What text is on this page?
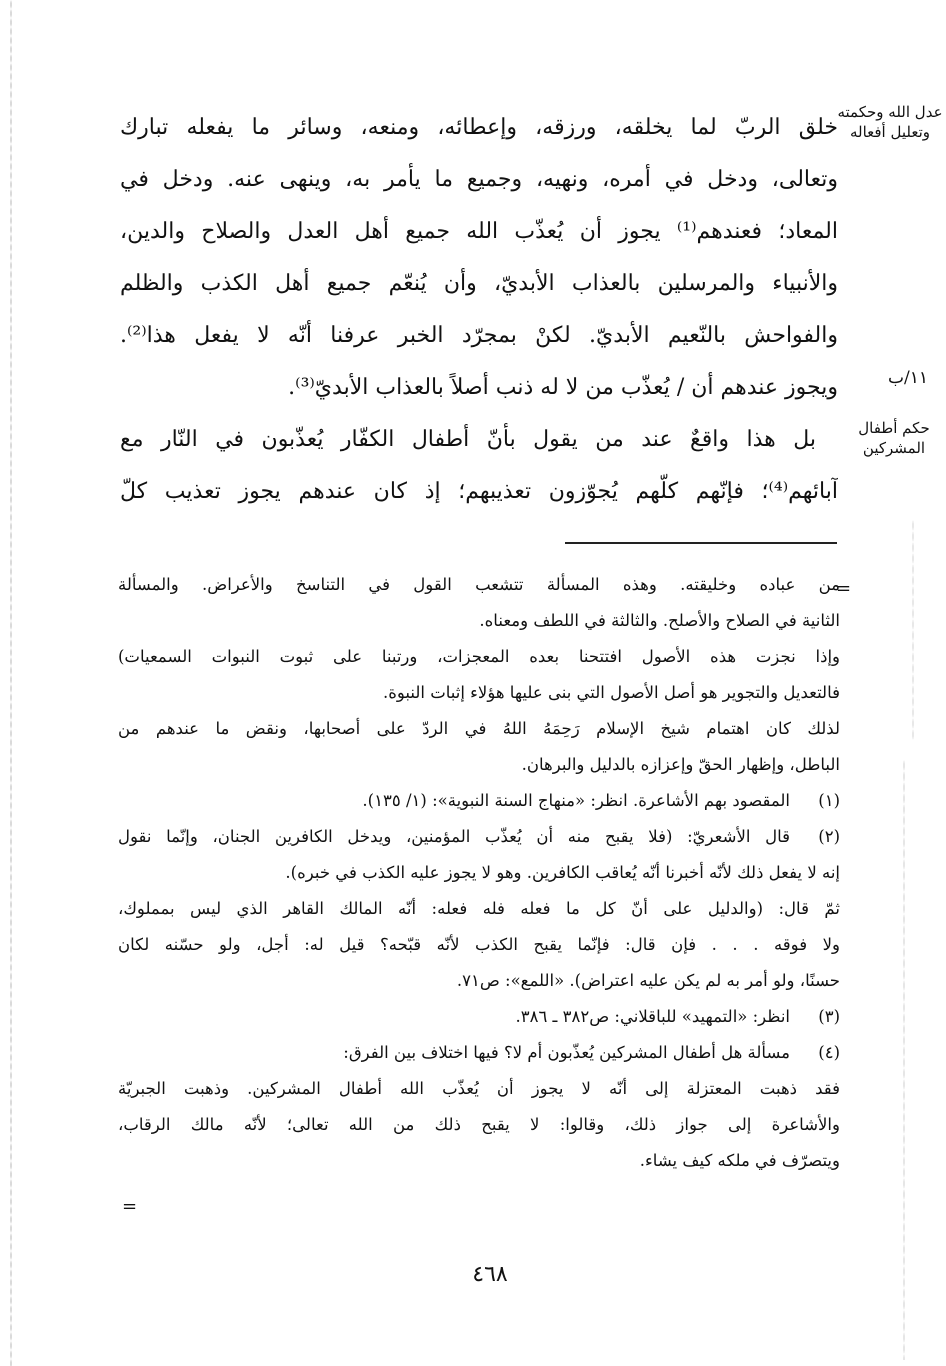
عدل الله وحكمته وتعليل أفعاله
١١/ب
حكم أطفال المشركين
خلق الربّ لما يخلقه، ورزقه، وإعطائه، ومنعه، وسائر ما يفعله تبارك
وتعالى، ودخل في أمره، ونهيه، وجميع ما يأمر به، وينهى عنه. ودخل في
المعاد؛ فعندهم⁽¹⁾ يجوز أن يُعذّب الله جميع أهل العدل والصلاح والدين،
والأنبياء والمرسلين بالعذاب الأبديّ، وأن يُنعّم جميع أهل الكذب والظلم
والفواحش بالنّعيم الأبديّ. لكنْ بمجرّد الخبر عرفنا أنّه لا يفعل هذا⁽²⁾.
ويجوز عندهم أن / يُعذّب من لا له ذنب أصلاً بالعذاب الأبديّ⁽³⁾.
بل هذا واقعٌ عند من يقول بأنّ أطفال الكفّار يُعذّبون في النّار مع
آبائهم⁽⁴⁾؛ فإنّهم كلّهم يُجوّزون تعذيبهم؛ إذ كان عندهم يجوز تعذيب كلّ
=
من عباده وخليقته. وهذه المسألة تتشعب القول في التناسخ والأعراض. والمسألة
الثانية في الصلاح والأصلح. والثالثة في اللطف ومعناه.
وإذا نجزت هذه الأصول افتتحنا بعده المعجزات، ورتبنا على ثبوت النبوات السمعيات)
فالتعديل والتجوير هو أصل الأصول التي بنى عليها هؤلاء إثبات النبوة.
لذلك كان اهتمام شيخ الإسلام رَحِمَهُ اللهُ في الردّ على أصحابها، ونقض ما عندهم من
الباطل، وإظهار الحقّ وإعزازه بالدليل والبرهان.
(١)المقصود بهم الأشاعرة. انظر: «منهاج السنة النبوية»: (١/ ١٣٥).
(٢)قال الأشعريّ: (فلا يقبح منه أن يُعذّب المؤمنين، ويدخل الكافرين الجنان، وإنّما نقول
إنه لا يفعل ذلك لأنّه أخبرنا أنّه يُعاقب الكافرين. وهو لا يجوز عليه الكذب في خبره).
ثمّ قال: (والدليل على أنّ كل ما فعله فله فعله: أنّه المالك القاهر الذي ليس بمملوك،
ولا فوقه . . . فإن قال: فإنّما يقبح الكذب لأنّه قبّحه؟ قيل له: أجل، ولو حسّنه لكان
حسنًا، ولو أمر به لم يكن عليه اعتراض). «اللمع»: ص٧١.
(٣)انظر: «التمهيد» للباقلاني: ص٣٨٢ ـ ٣٨٦.
(٤)مسألة هل أطفال المشركين يُعذّبون أم لا؟ فيها اختلاف بين الفرق:
فقد ذهبت المعتزلة إلى أنّه لا يجوز أن يُعذّب الله أطفال المشركين. وذهبت الجبريّة
والأشاعرة إلى جواز ذلك، وقالوا: لا يقبح ذلك من الله تعالى؛ لأنّه مالك الرقاب،
ويتصرّف في ملكه كيف يشاء.
=
٤٦٨
